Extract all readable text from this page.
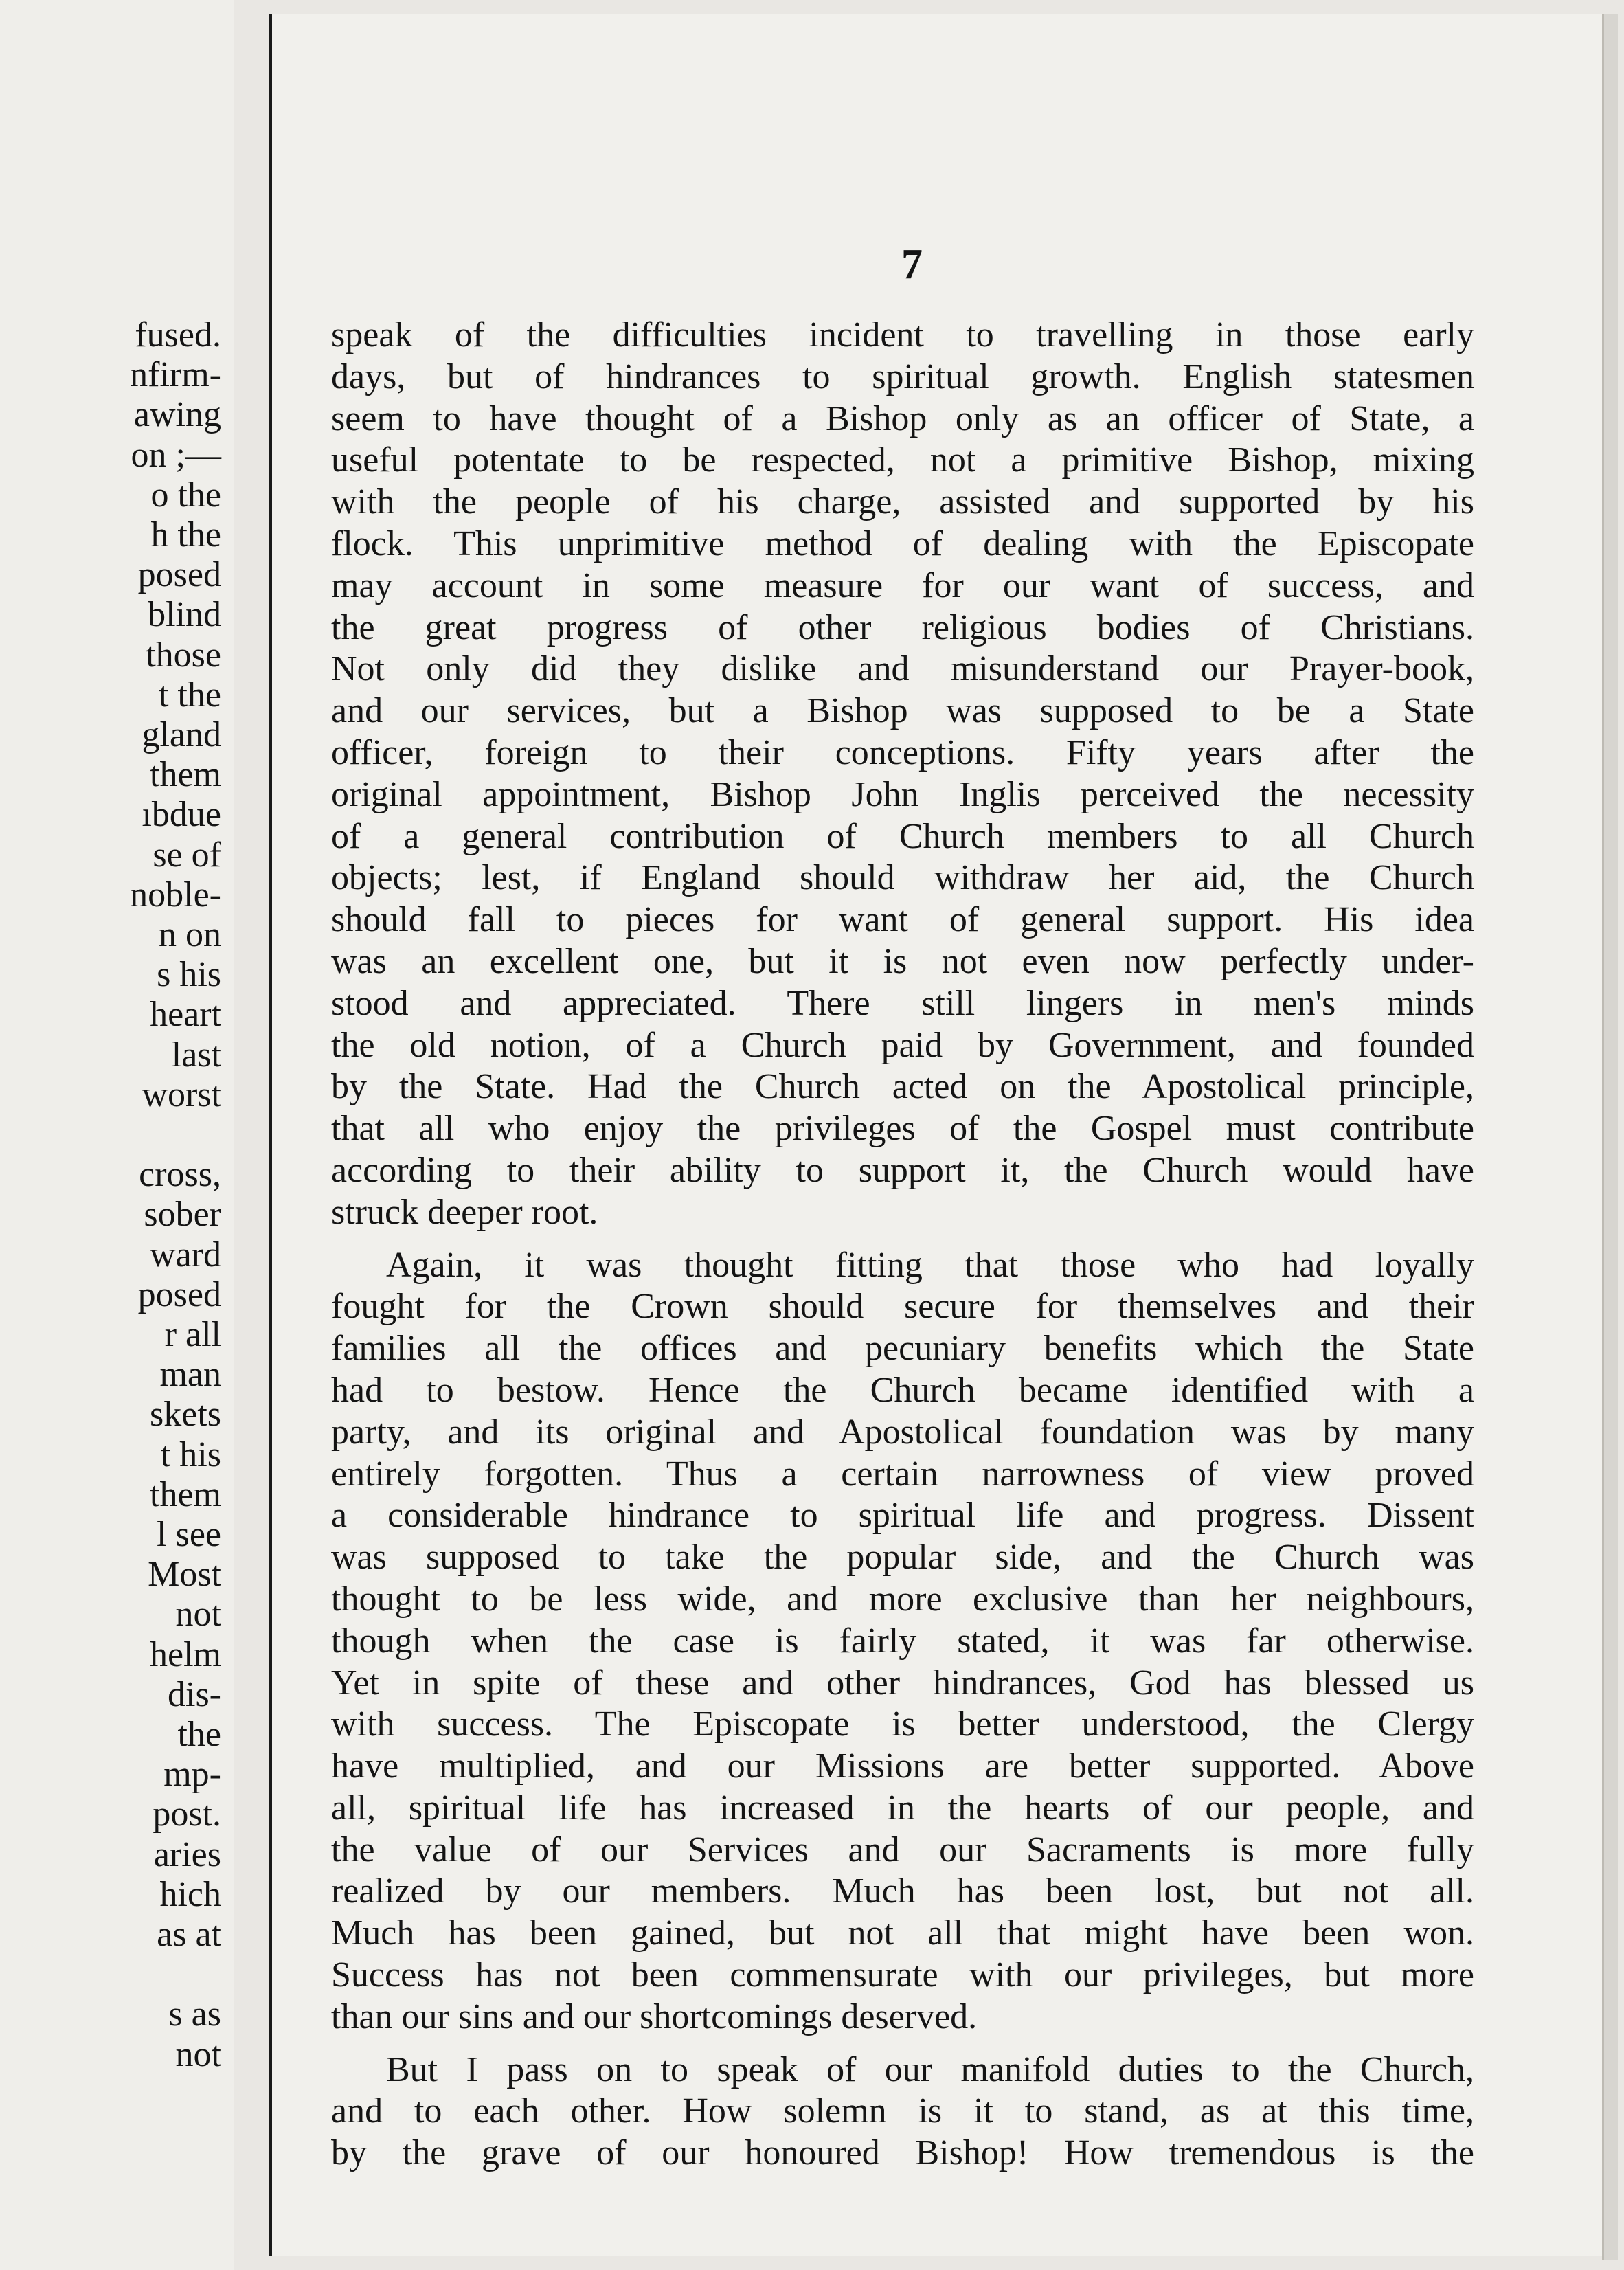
fused.
nfirm-
awing
on ;—
o the
h the
posed
blind
those
t the
gland
them
ıbdue
se of
noble-
n on
s his
heart
last
worst
cross,
sober
ward
posed
r all
man
skets
t his
them
l see
Most
not
helm
dis-
the
mp-
post.
aries
hich
as at
s as
not
7
speak of the difficulties incident to travelling in those early
days, but of hindrances to spiritual growth. English statesmen
seem to have thought of a Bishop only as an officer of State, a
useful potentate to be respected, not a primitive Bishop, mixing
with the people of his charge, assisted and supported by his
flock. This unprimitive method of dealing with the Episcopate
may account in some measure for our want of success, and
the great progress of other religious bodies of Christians.
Not only did they dislike and misunderstand our Prayer-book,
and our services, but a Bishop was supposed to be a State
officer, foreign to their conceptions. Fifty years after the
original appointment, Bishop John Inglis perceived the necessity
of a general contribution of Church members to all Church
objects; lest, if England should withdraw her aid, the Church
should fall to pieces for want of general support. His idea
was an excellent one, but it is not even now perfectly under-
stood and appreciated. There still lingers in men's minds
the old notion, of a Church paid by Government, and founded
by the State. Had the Church acted on the Apostolical principle,
that all who enjoy the privileges of the Gospel must contribute
according to their ability to support it, the Church would have
struck deeper root.
Again, it was thought fitting that those who had loyally
fought for the Crown should secure for themselves and their
families all the offices and pecuniary benefits which the State
had to bestow. Hence the Church became identified with a
party, and its original and Apostolical foundation was by many
entirely forgotten. Thus a certain narrowness of view proved
a considerable hindrance to spiritual life and progress. Dissent
was supposed to take the popular side, and the Church was
thought to be less wide, and more exclusive than her neighbours,
though when the case is fairly stated, it was far otherwise.
Yet in spite of these and other hindrances, God has blessed us
with success. The Episcopate is better understood, the Clergy
have multiplied, and our Missions are better supported. Above
all, spiritual life has increased in the hearts of our people, and
the value of our Services and our Sacraments is more fully
realized by our members. Much has been lost, but not all.
Much has been gained, but not all that might have been won.
Success has not been commensurate with our privileges, but more
than our sins and our shortcomings deserved.
But I pass on to speak of our manifold duties to the Church,
and to each other. How solemn is it to stand, as at this time,
by the grave of our honoured Bishop! How tremendous is the
